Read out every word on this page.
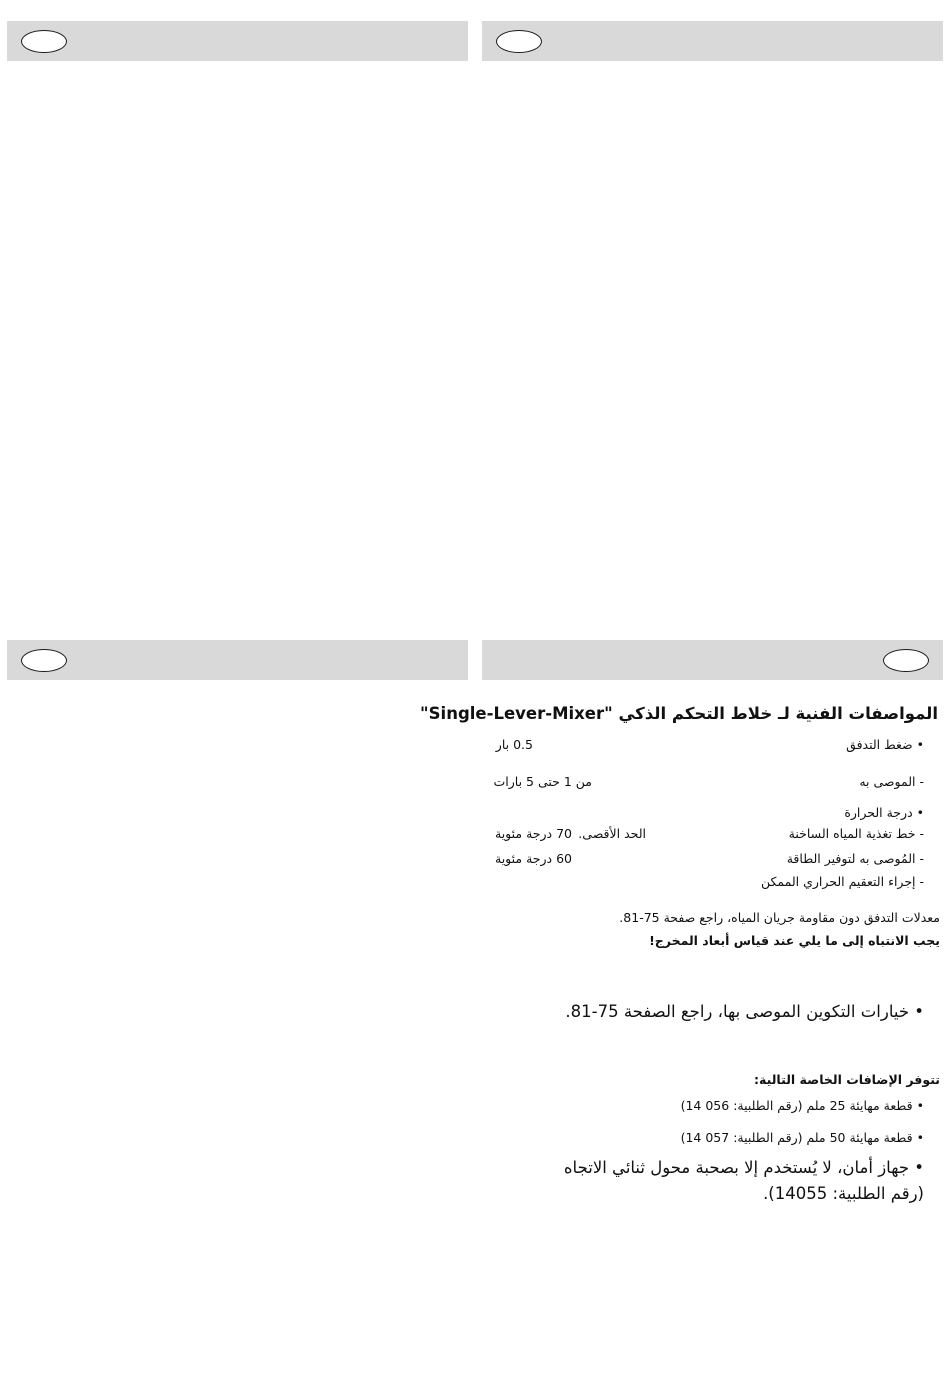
المواصفات الفنية لـ خلاط التحكم الذكي "Single-Lever-Mixer"
• ضغط التدفق
0.5 بار
- الموصى به
من 1 حتى 5 بارات
• درجة الحرارة
- خط تغذية المياه الساخنة
الحد الأقصى.
70 درجة مئوية
- المُوصى به لتوفير الطاقة
60 درجة مئوية
- إجراء التعقيم الحراري الممكن
معدلات التدفق دون مقاومة جريان المياه، راجع صفحة 75-81.
يجب الانتباه إلى ما يلي عند قياس أبعاد المخرج!
• خيارات التكوين الموصى بها، راجع الصفحة 75-81.
تتوفر الإضافات الخاصة التالية:
• قطعة مهايئة 25 ملم (رقم الطلبية: 056 14)
• قطعة مهايئة 50 ملم (رقم الطلبية: 057 14)
• جهاز أمان، لا يُستخدم إلا بصحبة محول ثنائي الاتجاه
(رقم الطلبية: 14055).
